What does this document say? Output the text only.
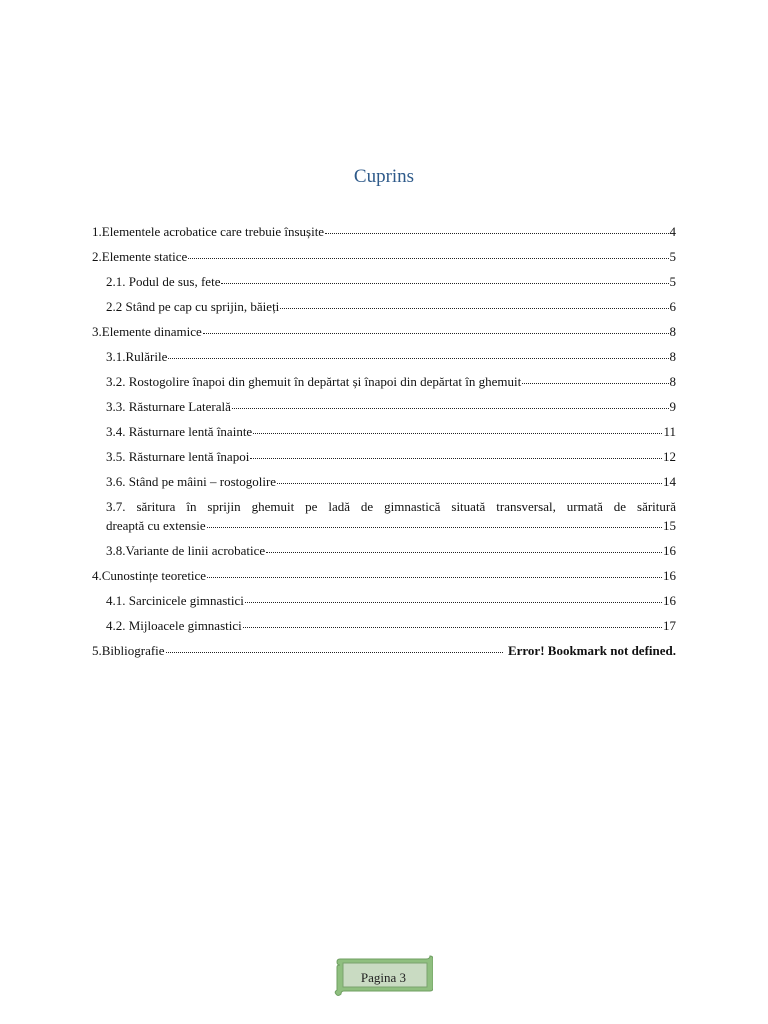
Cuprins
1.Elementele acrobatice care trebuie însușite	4
2.Elemente statice	5
2.1. Podul de sus, fete	5
2.2 Stând pe cap cu sprijin, băieți	6
3.Elemente dinamice	8
3.1.Rulările	8
3.2. Rostogolire înapoi din ghemuit în depărtat și înapoi din depărtat în ghemuit	8
3.3. Răsturnare Laterală	9
3.4. Răsturnare lentă înainte	11
3.5. Răsturnare lentă înapoi	12
3.6. Stând pe mâini – rostogolire	14
3.7. săritura în sprijin ghemuit pe ladă de gimnastică situată transversal, urmată de săritură
dreaptă cu extensie	15
3.8.Variante de linii acrobatice	16
4.Cunostințe teoretice	16
4.1. Sarcinicele gimnastici	16
4.2. Mijloacele gimnastici	17
5.Bibliografie	Error! Bookmark not defined.
Pagina 3
